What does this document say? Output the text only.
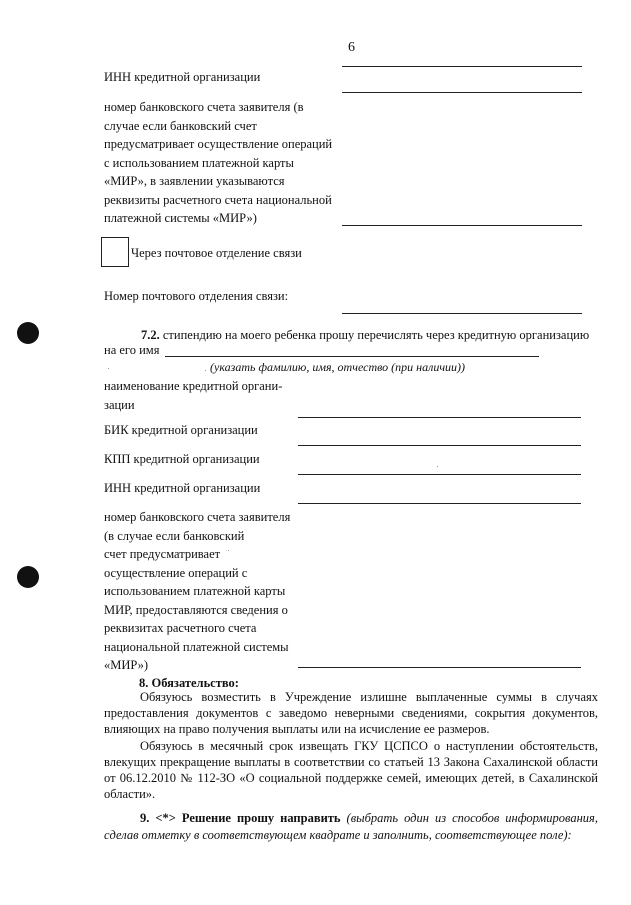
6
ИНН кредитной организации
номер банковского счета заявителя (в
случае если банковский счет
предусматривает осуществление операций
с использованием платежной карты
«МИР», в заявлении указываются
реквизиты расчетного счета национальной
платежной системы «МИР»)
Через почтовое отделение связи
Номер почтового отделения связи:
7.2. стипендию на моего ребенка прошу перечислять через кредитную организацию
на его имя
(указать фамилию, имя, отчество (при наличии))
наименование кредитной органи-
зации
БИК кредитной организации
КПП кредитной организации
ИНН кредитной организации
номер банковского счета заявителя
(в случае если банковский
счет предусматривает
осуществление операций с
использованием платежной карты
МИР, предоставляются сведения о
реквизитах расчетного счета
национальной платежной системы
«МИР»)
8. Обязательство:
Обязуюсь возместить в Учреждение излишне выплаченные суммы в случаях предоставления документов с заведомо неверными сведениями, сокрытия документов, влияющих на право получения выплаты или на исчисление ее размеров.
Обязуюсь в месячный срок извещать ГКУ ЦСПСО о наступлении обстоятельств, влекущих прекращение выплаты в соответствии со статьей 13 Закона Сахалинской области от 06.12.2010 № 112-ЗО «О социальной поддержке семей, имеющих детей, в Сахалинской области».
9. <*> Решение прошу направить (выбрать один из способов информирования, сделав отметку в соответствующем квадрате и заполнить, соответствующее поле):
